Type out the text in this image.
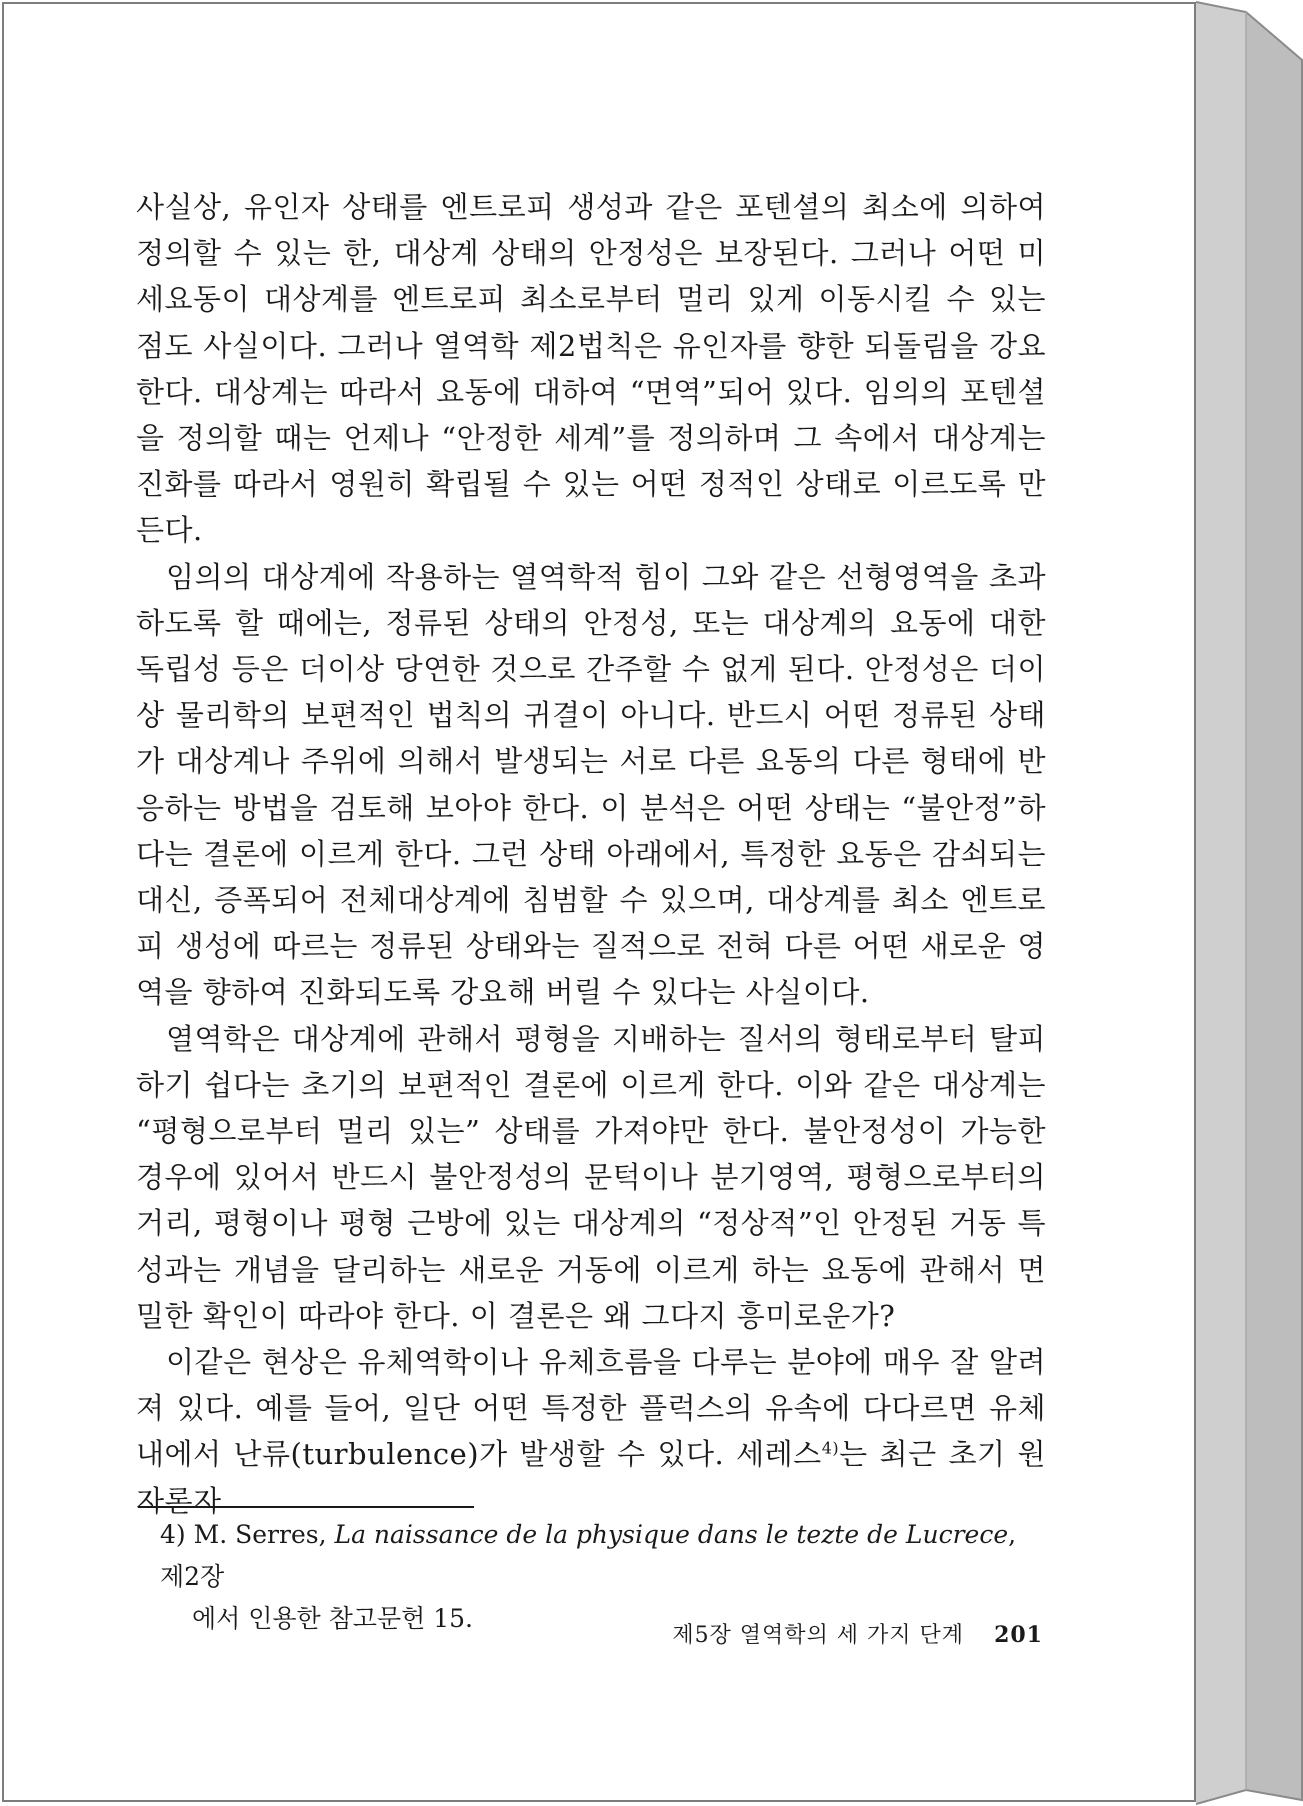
사실상, 유인자 상태를 엔트로피 생성과 같은 포텐셜의 최소에 의하여 정의할 수 있는 한, 대상계 상태의 안정성은 보장된다. 그러나 어떤 미세요동이 대상계를 엔트로피 최소로부터 멀리 있게 이동시킬 수 있는 점도 사실이다. 그러나 열역학 제2법칙은 유인자를 향한 되돌림을 강요한다. 대상계는 따라서 요동에 대하여 “면역”되어 있다. 임의의 포텐셜을 정의할 때는 언제나 “안정한 세계”를 정의하며 그 속에서 대상계는 진화를 따라서 영원히 확립될 수 있는 어떤 정적인 상태로 이르도록 만든다.

임의의 대상계에 작용하는 열역학적 힘이 그와 같은 선형영역을 초과하도록 할 때에는, 정류된 상태의 안정성, 또는 대상계의 요동에 대한 독립성 등은 더이상 당연한 것으로 간주할 수 없게 된다. 안정성은 더이상 물리학의 보편적인 법칙의 귀결이 아니다. 반드시 어떤 정류된 상태가 대상계나 주위에 의해서 발생되는 서로 다른 요동의 다른 형태에 반응하는 방법을 검토해 보아야 한다. 이 분석은 어떤 상태는 “불안정”하다는 결론에 이르게 한다. 그런 상태 아래에서, 특정한 요동은 감쇠되는 대신, 증폭되어 전체대상계에 침범할 수 있으며, 대상계를 최소 엔트로피 생성에 따르는 정류된 상태와는 질적으로 전혀 다른 어떤 새로운 영역을 향하여 진화되도록 강요해 버릴 수 있다는 사실이다.

열역학은 대상계에 관해서 평형을 지배하는 질서의 형태로부터 탈피하기 쉽다는 초기의 보편적인 결론에 이르게 한다. 이와 같은 대상계는 “평형으로부터 멀리 있는” 상태를 가져야만 한다. 불안정성이 가능한 경우에 있어서 반드시 불안정성의 문턱이나 분기영역, 평형으로부터의 거리, 평형이나 평형 근방에 있는 대상계의 “정상적”인 안정된 거동 특성과는 개념을 달리하는 새로운 거동에 이르게 하는 요동에 관해서 면밀한 확인이 따라야 한다. 이 결론은 왜 그다지 흥미로운가?

이같은 현상은 유체역학이나 유체흐름을 다루는 분야에 매우 잘 알려져 있다. 예를 들어, 일단 어떤 특정한 플럭스의 유속에 다다르면 유체 내에서 난류(turbulence)가 발생할 수 있다. 세레스$^{4)}$는 최근 초기 원자론자

4) M. Serres, La naissance de la physique dans le tezte de Lucrece, 제2장
에서 인용한 참고문헌 15.
제5장 열역학의 세 가지 단계 201
